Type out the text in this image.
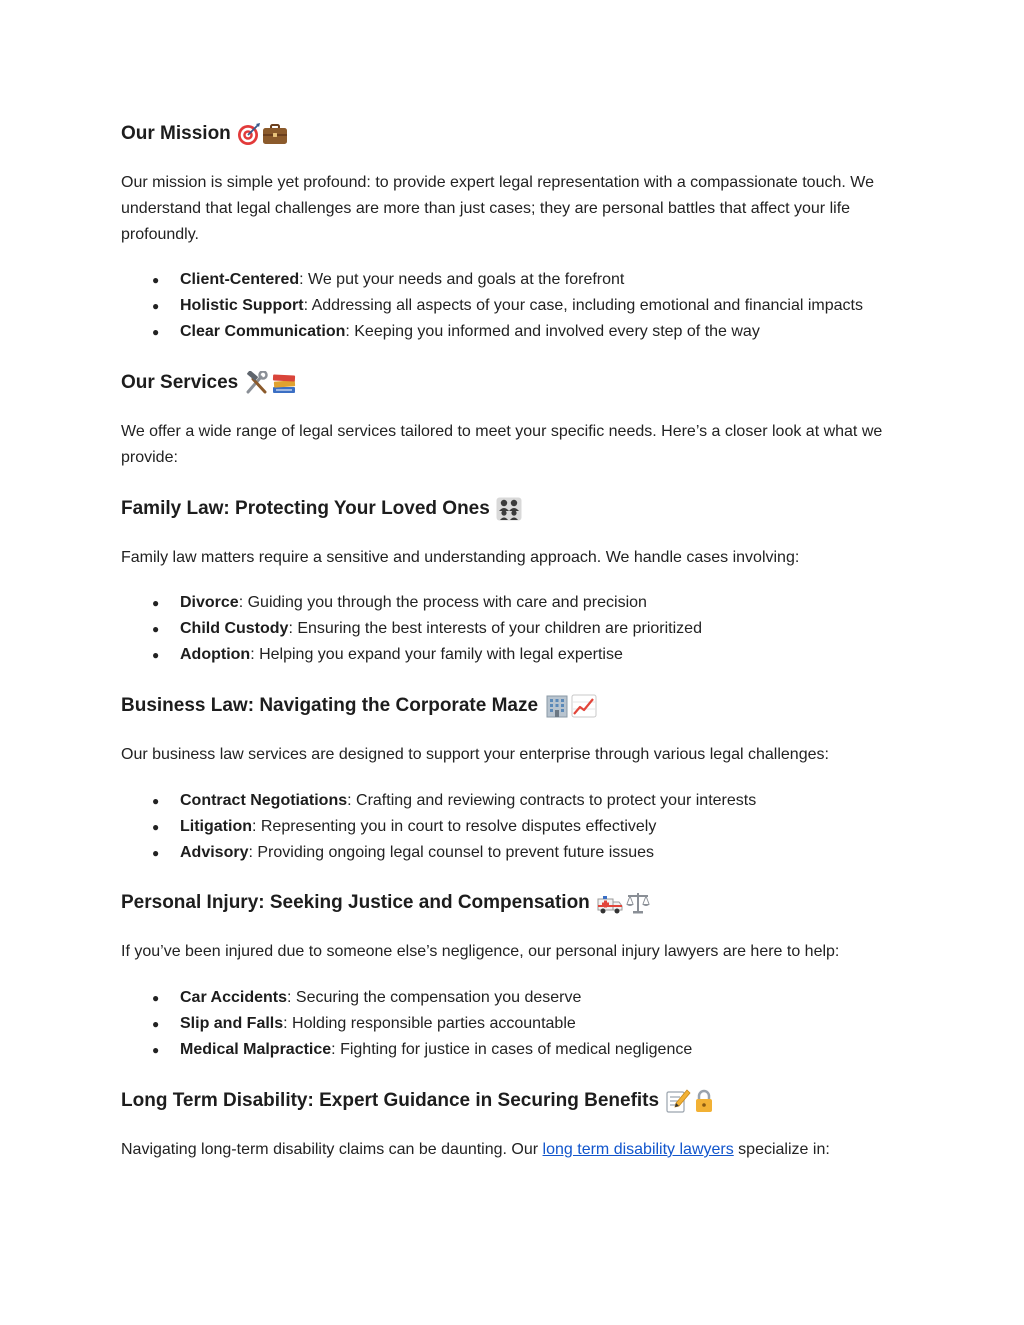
Our Mission
Our mission is simple yet profound: to provide expert legal representation with a compassionate touch. We understand that legal challenges are more than just cases; they are personal battles that affect your life profoundly.
● Client-Centered: We put your needs and goals at the forefront
● Holistic Support: Addressing all aspects of your case, including emotional and financial impacts
● Clear Communication: Keeping you informed and involved every step of the way
Our Services
We offer a wide range of legal services tailored to meet your specific needs. Here’s a closer look at what we provide:
Family Law: Protecting Your Loved Ones
Family law matters require a sensitive and understanding approach. We handle cases involving:
● Divorce: Guiding you through the process with care and precision
● Child Custody: Ensuring the best interests of your children are prioritized
● Adoption: Helping you expand your family with legal expertise
Business Law: Navigating the Corporate Maze
Our business law services are designed to support your enterprise through various legal challenges:
● Contract Negotiations: Crafting and reviewing contracts to protect your interests
● Litigation: Representing you in court to resolve disputes effectively
● Advisory: Providing ongoing legal counsel to prevent future issues
Personal Injury: Seeking Justice and Compensation
If you’ve been injured due to someone else’s negligence, our personal injury lawyers are here to help:
● Car Accidents: Securing the compensation you deserve
● Slip and Falls: Holding responsible parties accountable
● Medical Malpractice: Fighting for justice in cases of medical negligence
Long Term Disability: Expert Guidance in Securing Benefits
Navigating long-term disability claims can be daunting. Our long term disability lawyers specialize in:
